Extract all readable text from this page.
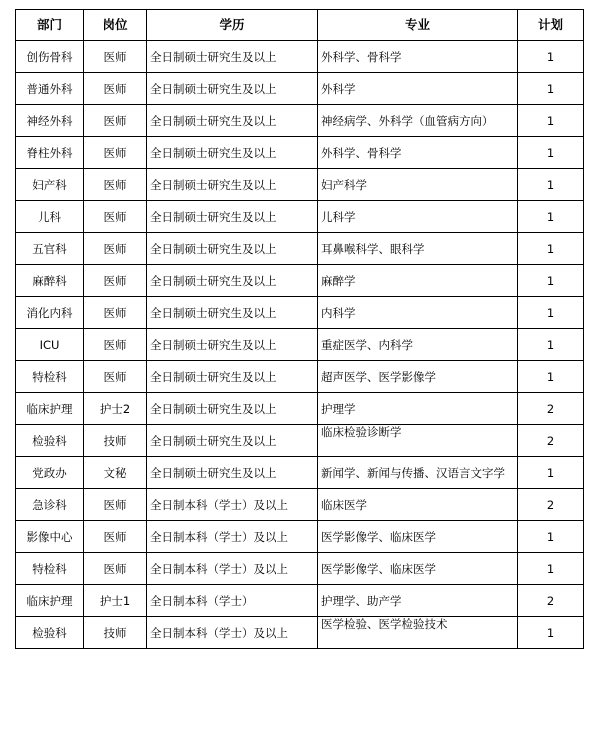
部门	岗位	学历	专业	计划
创伤骨科	医师	全日制硕士研究生及以上	外科学、骨科学	1
普通外科	医师	全日制硕士研究生及以上	外科学	1
神经外科	医师	全日制硕士研究生及以上	神经病学、外科学（血管病方向）	1
脊柱外科	医师	全日制硕士研究生及以上	外科学、骨科学	1
妇产科	医师	全日制硕士研究生及以上	妇产科学	1
儿科	医师	全日制硕士研究生及以上	儿科学	1
五官科	医师	全日制硕士研究生及以上	耳鼻喉科学、眼科学	1
麻醉科	医师	全日制硕士研究生及以上	麻醉学	1
消化内科	医师	全日制硕士研究生及以上	内科学	1
ICU	医师	全日制硕士研究生及以上	重症医学、内科学	1
特检科	医师	全日制硕士研究生及以上	超声医学、医学影像学	1
临床护理	护士2	全日制硕士研究生及以上	护理学	2
检验科	技师	全日制硕士研究生及以上	临床检验诊断学	2
党政办	文秘	全日制硕士研究生及以上	新闻学、新闻与传播、汉语言文字学	1
急诊科	医师	全日制本科（学士）及以上	临床医学	2
影像中心	医师	全日制本科（学士）及以上	医学影像学、临床医学	1
特检科	医师	全日制本科（学士）及以上	医学影像学、临床医学	1
临床护理	护士1	全日制本科（学士）	护理学、助产学	2
检验科	技师	全日制本科（学士）及以上	医学检验、医学检验技术	1
